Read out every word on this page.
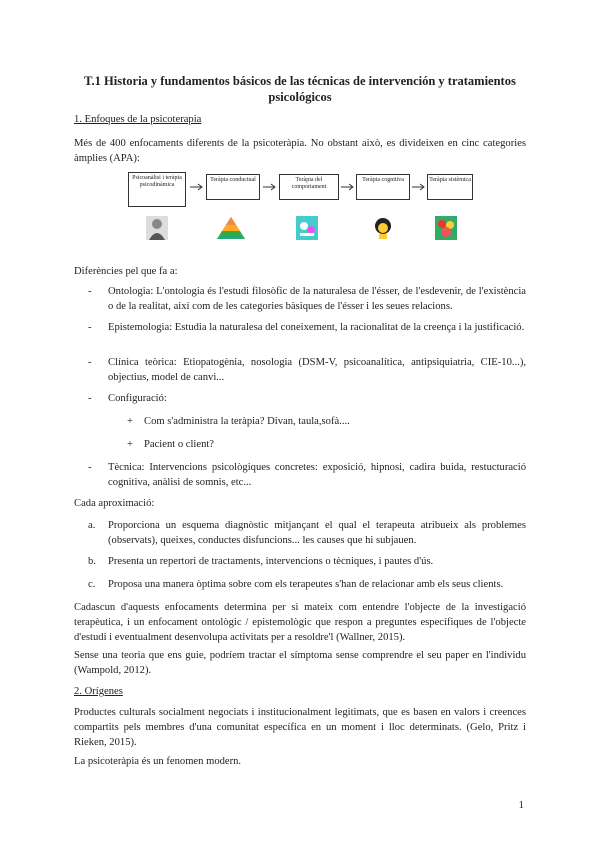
T.1 Historia y fundamentos básicos de las técnicas de intervención y tratamientos psicológicos
1. Enfoques de la psicoterapia
Més de 400 enfocaments diferents de la psicoteràpia. No obstant això, es divideixen en cinc categories àmplies (APA):
Psicoanàlisi i teràpia psicodinàmica
Teràpia conductual	Teràpia del comportament
Teràpia cognitiva	Teràpia sistèmica
Diferències pel que fa a:
- Ontologia: L'ontologia és l'estudi filosòfic de la naturalesa de l'ésser, de l'esdevenir, de l'existència o de la realitat, així com de les categories bàsiques de l'ésser i les seues relacions.
- Epistemologia: Estudia la naturalesa del coneixement, la racionalitat de la creença i la justificació.
- Clínica teòrica: Etiopatogènia, nosologia (DSM-V, psicoanalítica, antipsiquiatria, CIE-10...), objectius, model de canvi...
- Configuració:
+ Com s'administra la teràpia? Divan, taula,sofà....
+ Pacient o client?
- Tècnica: Intervencions psicològiques concretes: exposició, hipnosi, cadira buida, restucturació cognitiva, anàlisi de somnis, etc...
Cada aproximació:
a. Proporciona un esquema diagnòstic mitjançant el qual el terapeuta atribueix als problemes (observats), queixes, conductes disfuncions... les causes que hi subjauen.
b. Presenta un repertori de tractaments, intervencions o tècniques, i pautes d'ús.
c. Proposa una manera òptima sobre com els terapeutes s'han de relacionar amb els seus clients.
Cadascun d'aquests enfocaments determina per si mateix com entendre l'objecte de la investigació terapèutica, i un enfocament ontològic / epistemològic que respon a preguntes específiques de l'objecte d'estudi i eventualment desenvolupa activitats per a resoldre'l (Wallner, 2015).
Sense una teoria que ens guie, podríem tractar el símptoma sense comprendre el seu paper en l'individu (Wampold, 2012).
2. Orígenes
Productes culturals socialment negociats i institucionalment legitimats, que es basen en valors i creences compartits pels membres d'una comunitat específica en un moment i lloc determinats. (Gelo, Pritz i Rieken, 2015).
La psicoteràpia és un fenomen modern.
1
